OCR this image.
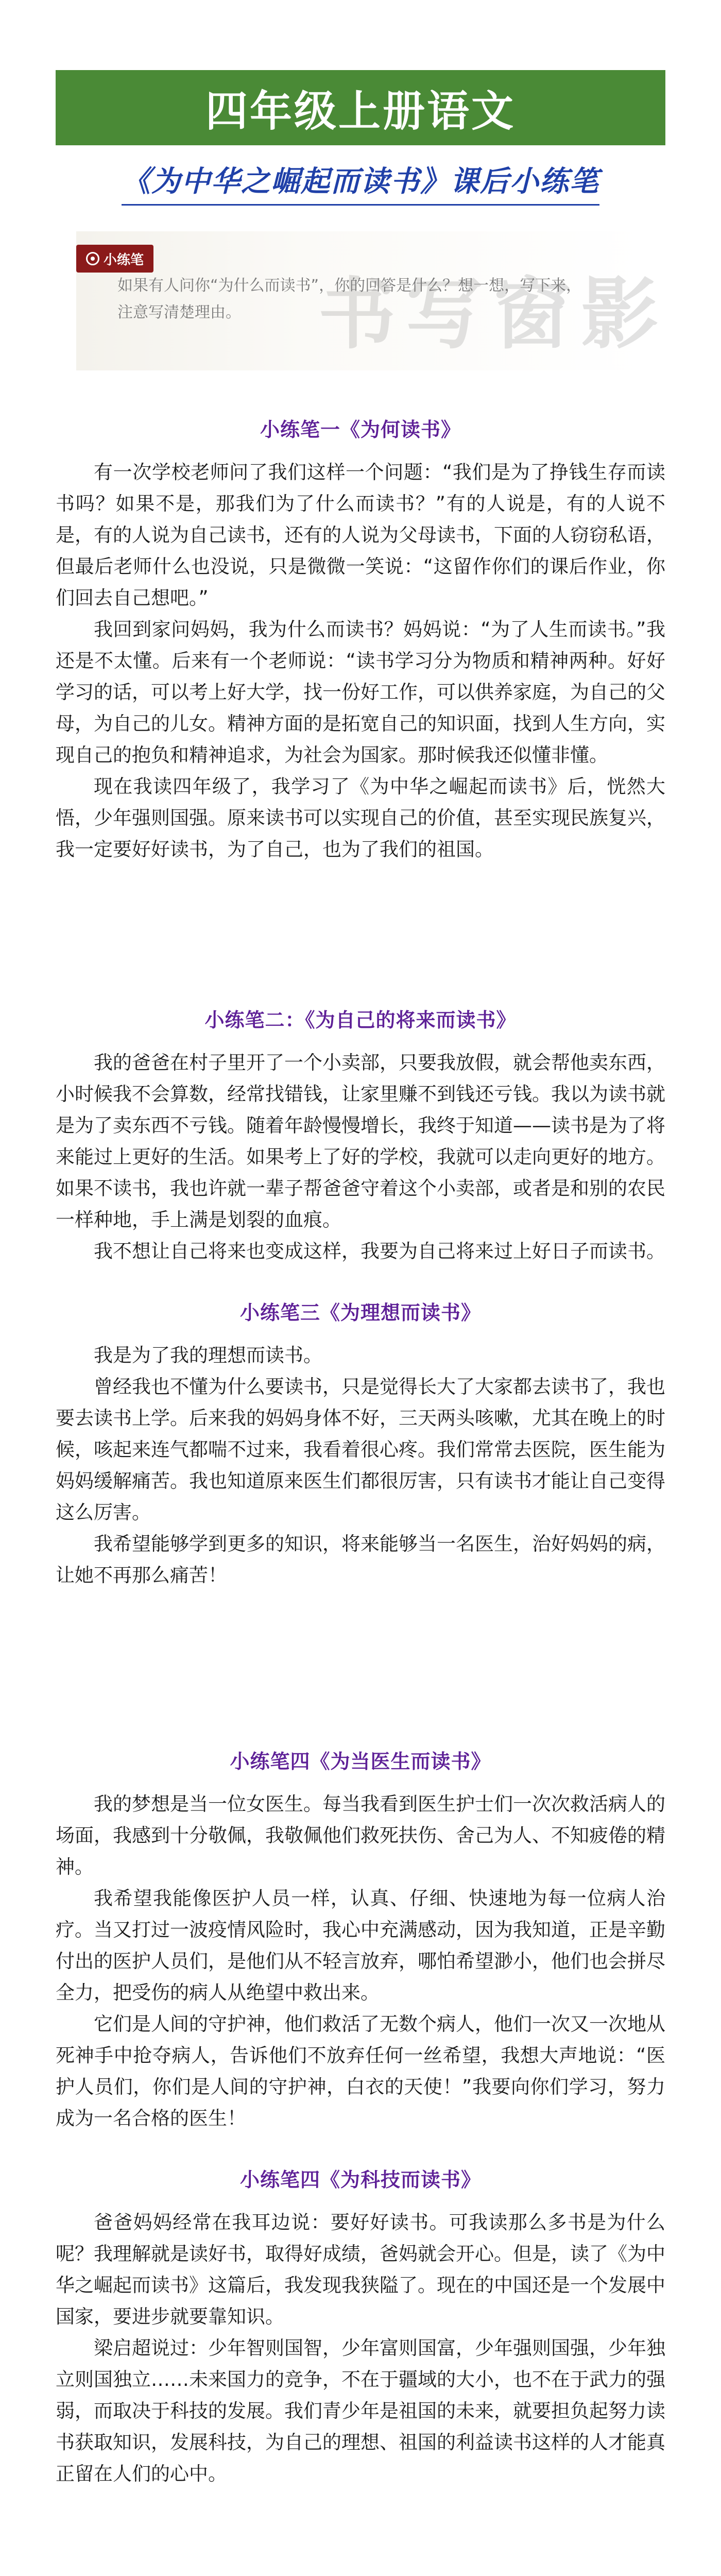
四年级上册语文
《为中华之崛起而读书》课后小练笔
书 写 窗 影
小练笔
如果有人问你“为什么而读书”，你的回答是什么？想一想，写下来，注意写清楚理由。
小练笔一《为何读书》

有一次学校老师问了我们这样一个问题：“我们是为了挣钱生存而读书吗？如果不是，那我们为了什么而读书？”有的人说是，有的人说不是，有的人说为自己读书，还有的人说为父母读书，下面的人窃窃私语，但最后老师什么也没说，只是微微一笑说：“这留作你们的课后作业，你们回去自己想吧。”

我回到家问妈妈，我为什么而读书？妈妈说：“为了人生而读书。”我还是不太懂。后来有一个老师说：“读书学习分为物质和精神两种。好好学习的话，可以考上好大学，找一份好工作，可以供养家庭，为自己的父母，为自己的儿女。精神方面的是拓宽自己的知识面，找到人生方向，实现自己的抱负和精神追求，为社会为国家。那时候我还似懂非懂。

现在我读四年级了，我学习了《为中华之崛起而读书》后，恍然大悟，少年强则国强。原来读书可以实现自己的价值，甚至实现民族复兴，我一定要好好读书，为了自己，也为了我们的祖国。

小练笔二：《为自己的将来而读书》

我的爸爸在村子里开了一个小卖部，只要我放假，就会帮他卖东西，小时候我不会算数，经常找错钱，让家里赚不到钱还亏钱。我以为读书就是为了卖东西不亏钱。随着年龄慢慢增长，我终于知道——读书是为了将来能过上更好的生活。如果考上了好的学校，我就可以走向更好的地方。如果不读书，我也许就一辈子帮爸爸守着这个小卖部，或者是和别的农民一样种地，手上满是划裂的血痕。

我不想让自己将来也变成这样，我要为自己将来过上好日子而读书。

小练笔三《为理想而读书》

我是为了我的理想而读书。

曾经我也不懂为什么要读书，只是觉得长大了大家都去读书了，我也要去读书上学。后来我的妈妈身体不好，三天两头咳嗽，尤其在晚上的时候，咳起来连气都喘不过来，我看着很心疼。我们常常去医院，医生能为妈妈缓解痛苦。我也知道原来医生们都很厉害，只有读书才能让自己变得这么厉害。

我希望能够学到更多的知识，将来能够当一名医生，治好妈妈的病，让她不再那么痛苦！

小练笔四《为当医生而读书》

我的梦想是当一位女医生。每当我看到医生护士们一次次救活病人的场面，我感到十分敬佩，我敬佩他们救死扶伤、舍己为人、不知疲倦的精神。

我希望我能像医护人员一样，认真、仔细、快速地为每一位病人治疗。当又打过一波疫情风险时，我心中充满感动，因为我知道，正是辛勤付出的医护人员们，是他们从不轻言放弃，哪怕希望渺小，他们也会拼尽全力，把受伤的病人从绝望中救出来。

它们是人间的守护神，他们救活了无数个病人，他们一次又一次地从死神手中抢夺病人，告诉他们不放弃任何一丝希望，我想大声地说：“医护人员们，你们是人间的守护神，白衣的天使！”我要向你们学习，努力成为一名合格的医生！

小练笔四《为科技而读书》

爸爸妈妈经常在我耳边说：要好好读书。可我读那么多书是为什么呢？我理解就是读好书，取得好成绩，爸妈就会开心。但是，读了《为中华之崛起而读书》这篇后，我发现我狭隘了。现在的中国还是一个发展中国家，要进步就要靠知识。

梁启超说过：少年智则国智，少年富则国富，少年强则国强，少年独立则国独立……未来国力的竞争，不在于疆域的大小，也不在于武力的强弱，而取决于科技的发展。我们青少年是祖国的未来，就要担负起努力读书获取知识，发展科技，为自己的理想、祖国的利益读书这样的人才能真正留在人们的心中。
